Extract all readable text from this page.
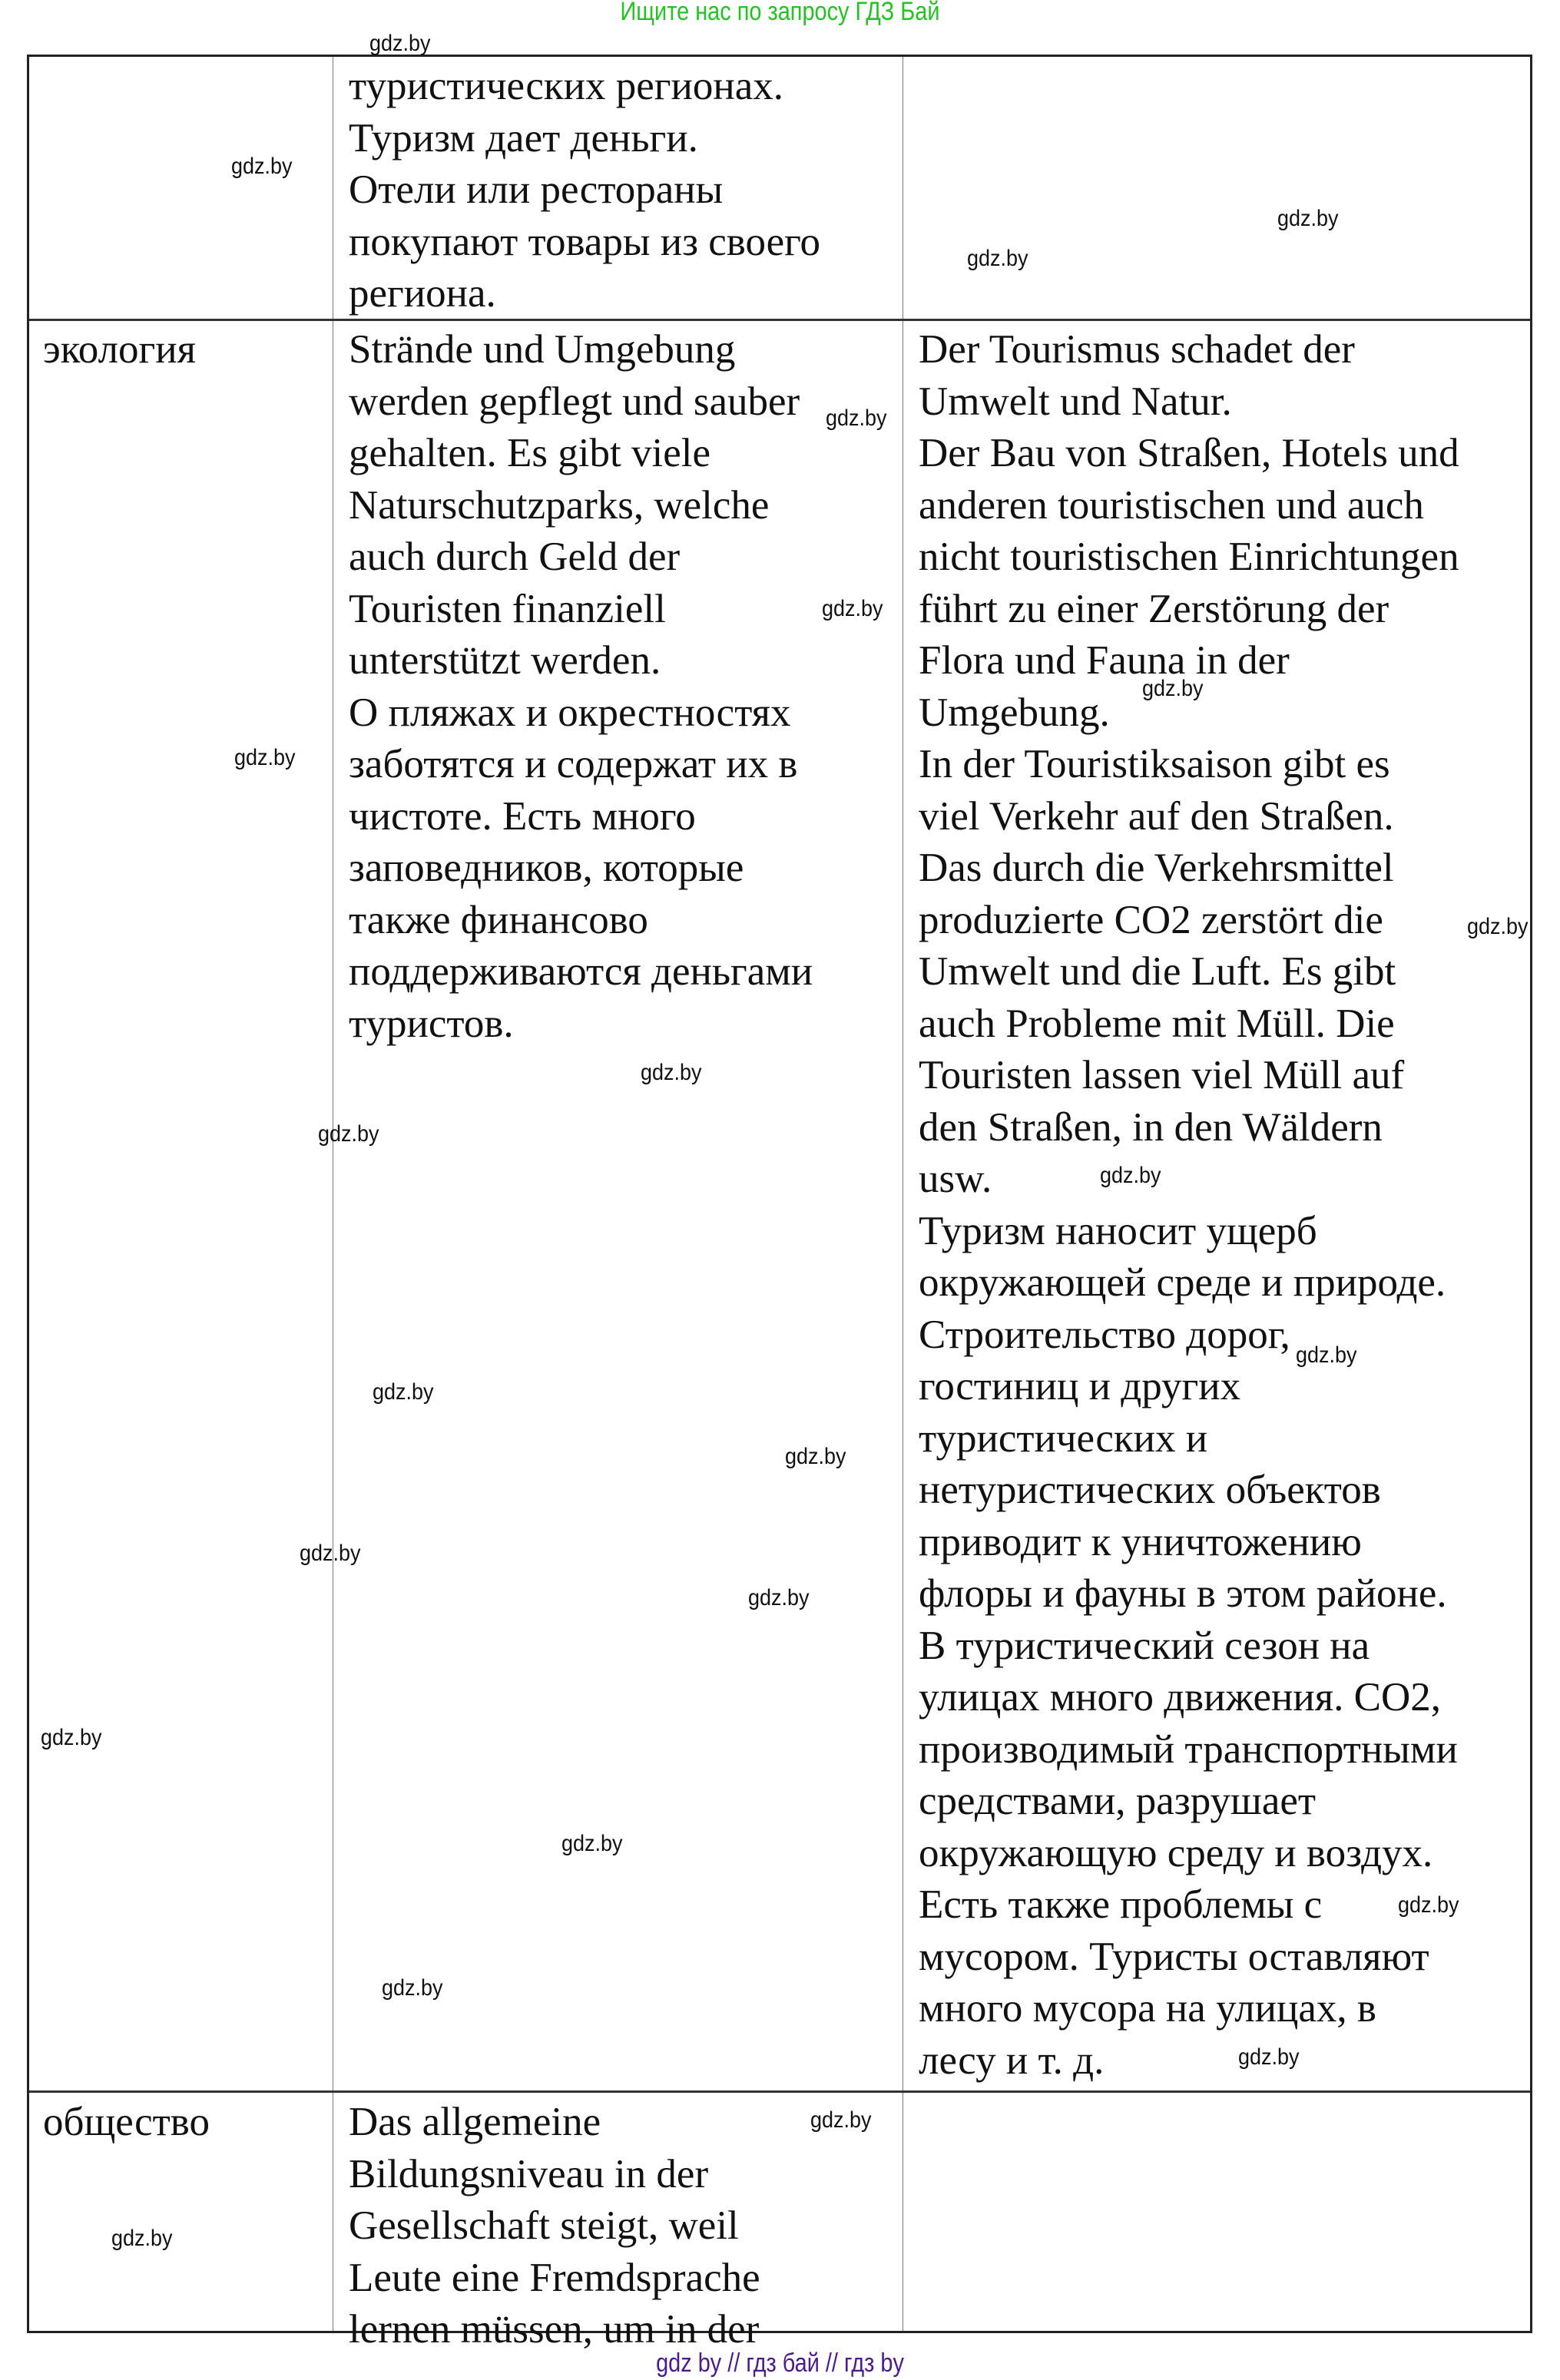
Ищите нас по запросу ГДЗ Бай
туристических регионах.
Туризм дает деньги.
Отели или рестораны
покупают товары из своего
региона.
экология	Strände und Umgebung
werden gepflegt und sauber
gehalten. Es gibt viele
Naturschutzparks, welche
auch durch Geld der
Touristen finanziell
unterstützt werden.
О пляжах и окрестностях
заботятся и содержат их в
чистоте. Есть много
заповедников, которые
также финансово
поддерживаются деньгами
туристов.
Der Tourismus schadet der
Umwelt und Natur.
Der Bau von Straßen, Hotels und
anderen touristischen und auch
nicht touristischen Einrichtungen
führt zu einer Zerstörung der
Flora und Fauna in der
Umgebung.
In der Touristiksaison gibt es
viel Verkehr auf den Straßen.
Das durch die Verkehrsmittel
produzierte CO2 zerstört die
Umwelt und die Luft. Es gibt
auch Probleme mit Müll. Die
Touristen lassen viel Müll auf
den Straßen, in den Wäldern
usw.
Туризм наносит ущерб
окружающей среде и природе.
Строительство дорог,
гостиниц и других
туристических и
нетуристических объектов
приводит к уничтожению
флоры и фауны в этом районе.
В туристический сезон на
улицах много движения. CO2,
производимый транспортными
средствами, разрушает
окружающую среду и воздух.
Есть также проблемы с
мусором. Туристы оставляют
много мусора на улицах, в
лесу и т. д.
общество	Das allgemeine
Bildungsniveau in der
Gesellschaft steigt, weil
Leute eine Fremdsprache
lernen müssen, um in der
gdz.by
gdz.by
gdz.by
gdz.by
gdz.by
gdz.by
gdz.by
gdz.by
gdz.by
gdz.by
gdz.by
gdz.by
gdz.by
gdz.by
gdz.by
gdz.by
gdz.by
gdz.by
gdz.by
gdz.by
gdz.by
gdz.by
gdz.by
gdz.by
gdz by // гдз бай // гдз by
